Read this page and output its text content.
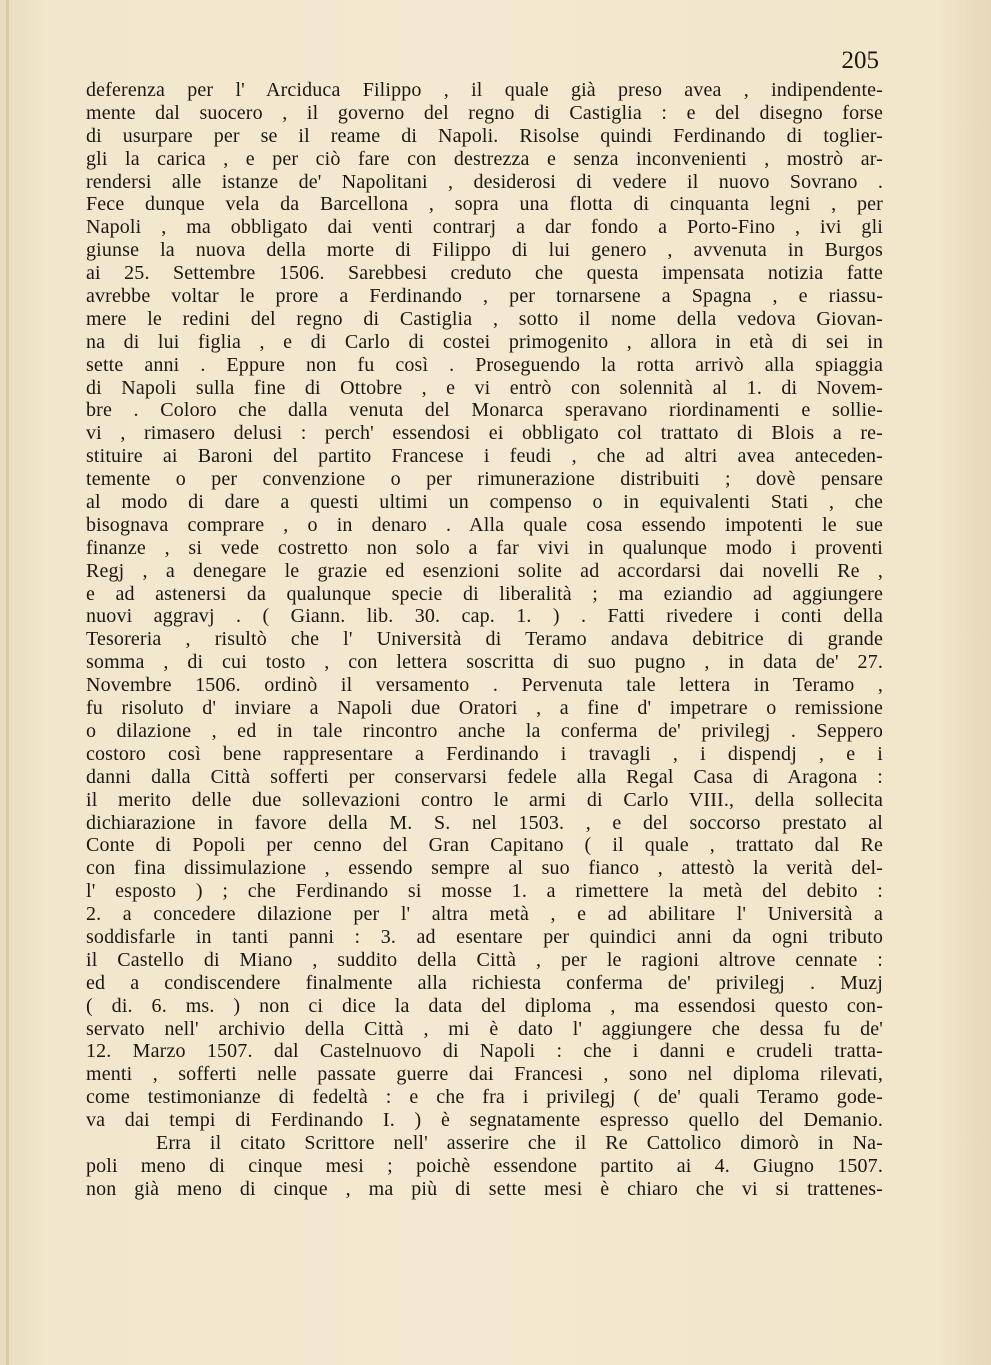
205
deferenza per l' Arciduca Filippo , il quale già preso avea , indipendente-
mente dal suocero , il governo del regno di Castiglia : e del disegno forse
di usurpare per se il reame di Napoli. Risolse quindi Ferdinando di toglier-
gli la carica , e per ciò fare con destrezza e senza inconvenienti , mostrò ar-
rendersi alle istanze de' Napolitani , desiderosi di vedere il nuovo Sovrano .
Fece dunque vela da Barcellona , sopra una flotta di cinquanta legni , per
Napoli , ma obbligato dai venti contrarj a dar fondo a Porto-Fino , ivi gli
giunse la nuova della morte di Filippo di lui genero , avvenuta in Burgos
ai 25. Settembre 1506. Sarebbesi creduto che questa impensata notizia fatte
avrebbe voltar le prore a Ferdinando , per tornarsene a Spagna , e riassu-
mere le redini del regno di Castiglia , sotto il nome della vedova Giovan-
na di lui figlia , e di Carlo di costei primogenito , allora in età di sei in
sette anni . Eppure non fu così . Proseguendo la rotta arrivò alla spiaggia
di Napoli sulla fine di Ottobre , e vi entrò con solennità al 1. di Novem-
bre . Coloro che dalla venuta del Monarca speravano riordinamenti e sollie-
vi , rimasero delusi : perch' essendosi ei obbligato col trattato di Blois a re-
stituire ai Baroni del partito Francese i feudi , che ad altri avea anteceden-
temente o per convenzione o per rimunerazione distribuiti ; dovè pensare
al modo di dare a questi ultimi un compenso o in equivalenti Stati , che
bisognava comprare , o in denaro . Alla quale cosa essendo impotenti le sue
finanze , si vede costretto non solo a far vivi in qualunque modo i proventi
Regj , a denegare le grazie ed esenzioni solite ad accordarsi dai novelli Re ,
e ad astenersi da qualunque specie di liberalità ; ma eziandio ad aggiungere
nuovi aggravj . ( Giann. lib. 30. cap. 1. ) . Fatti rivedere i conti della
Tesoreria , risultò che l' Università di Teramo andava debitrice di grande
somma , di cui tosto , con lettera soscritta di suo pugno , in data de' 27.
Novembre 1506. ordinò il versamento . Pervenuta tale lettera in Teramo ,
fu risoluto d' inviare a Napoli due Oratori , a fine d' impetrare o remissione
o dilazione , ed in tale rincontro anche la conferma de' privilegj . Seppero
costoro così bene rappresentare a Ferdinando i travagli , i dispendj , e i
danni dalla Città sofferti per conservarsi fedele alla Regal Casa di Aragona :
il merito delle due sollevazioni contro le armi di Carlo VIII., della sollecita
dichiarazione in favore della M. S. nel 1503. , e del soccorso prestato al
Conte di Popoli per cenno del Gran Capitano ( il quale , trattato dal Re
con fina dissimulazione , essendo sempre al suo fianco , attestò la verità del-
l' esposto ) ; che Ferdinando si mosse 1. a rimettere la metà del debito :
2. a concedere dilazione per l' altra metà , e ad abilitare l' Università a
soddisfarle in tanti panni : 3. ad esentare per quindici anni da ogni tributo
il Castello di Miano , suddito della Città , per le ragioni altrove cennate :
ed a condiscendere finalmente alla richiesta conferma de' privilegj . Muzj
( di. 6. ms. ) non ci dice la data del diploma , ma essendosi questo con-
servato nell' archivio della Città , mi è dato l' aggiungere che dessa fu de'
12. Marzo 1507. dal Castelnuovo di Napoli : che i danni e crudeli tratta-
menti , sofferti nelle passate guerre dai Francesi , sono nel diploma rilevati,
come testimonianze di fedeltà : e che fra i privilegj ( de' quali Teramo gode-
va dai tempi di Ferdinando I. ) è segnatamente espresso quello del Demanio.
Erra il citato Scrittore nell' asserire che il Re Cattolico dimorò in Na-
poli meno di cinque mesi ; poichè essendone partito ai 4. Giugno 1507.
non già meno di cinque , ma più di sette mesi è chiaro che vi si trattenes-
